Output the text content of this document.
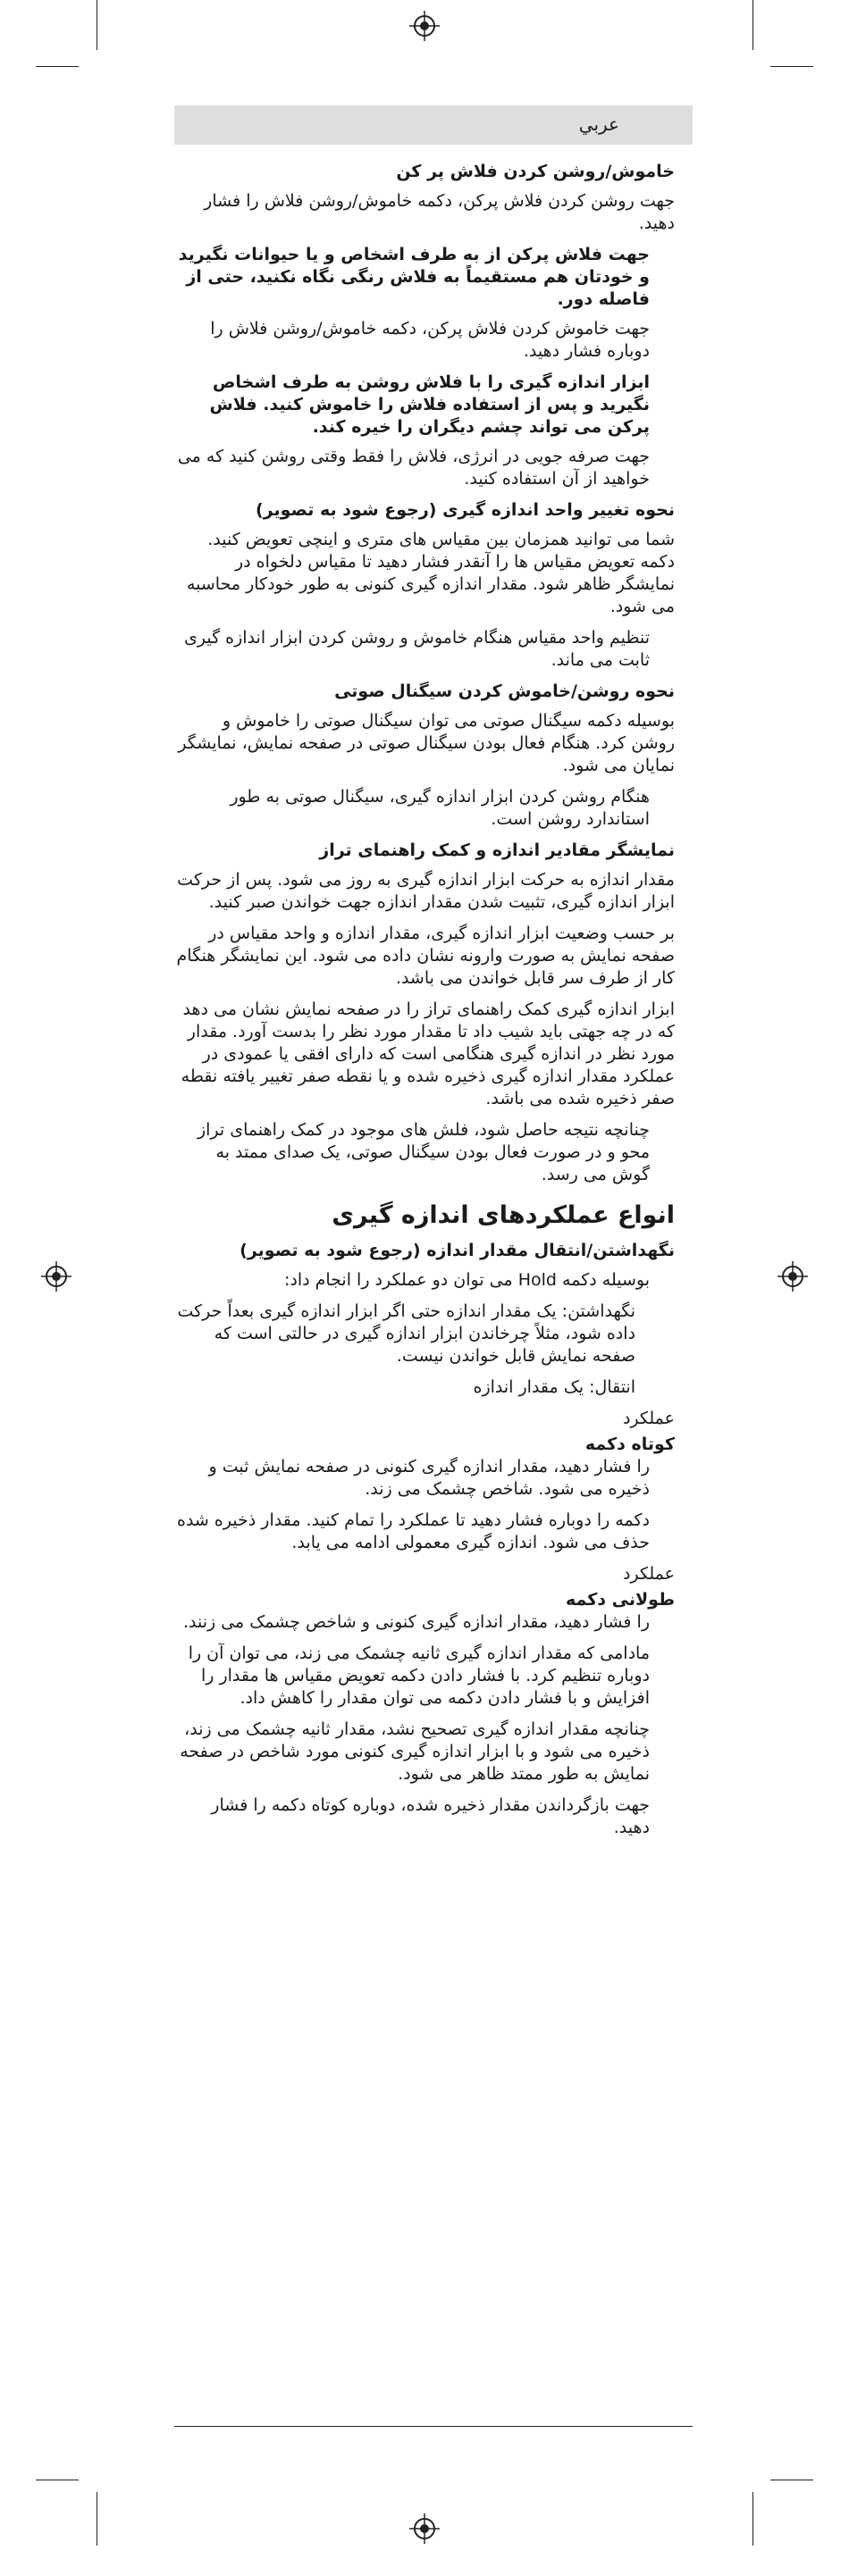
عربي
خاموش/روشن کردن فلاش پر کن

جهت روشن کردن فلاش پرکن، دکمه خاموش/روشن فلاش را فشار دهید.

جهت فلاش پرکن از به طرف اشخاص و یا حیوانات نگیرید و خودتان هم مستقیماً به فلاش رنگی نگاه نکنید، حتی از فاصله دور.

جهت خاموش کردن فلاش پرکن، دکمه خاموش/روشن فلاش را دوباره فشار دهید.

ابزار اندازه گیری را با فلاش روشن به طرف اشخاص نگیرید و پس از استفاده فلاش را خاموش کنید. فلاش پرکن می تواند چشم دیگران را خیره کند.

جهت صرفه جویی در انرژی، فلاش را فقط وقتی روشن کنید که می خواهید از آن استفاده کنید.

نحوه تغییر واحد اندازه گیری (رجوع شود به تصویر)

شما می توانید همزمان بین مقیاس های متری و اینچی تعویض کنید. دکمه تعویض مقیاس ها را آنقدر فشار دهید تا مقیاس دلخواه در نمایشگر ظاهر شود. مقدار اندازه گیری کنونی به طور خودکار محاسبه می شود.

تنظیم واحد مقیاس هنگام خاموش و روشن کردن ابزار اندازه گیری ثابت می ماند.

نحوه روشن/خاموش کردن سیگنال صوتی

بوسیله دکمه سیگنال صوتی می توان سیگنال صوتی را خاموش و روشن کرد. هنگام فعال بودن سیگنال صوتی در صفحه نمایش، نمایشگر نمایان می شود.

هنگام روشن کردن ابزار اندازه گیری، سیگنال صوتی به طور استاندارد روشن است.

نمایشگر مقادیر اندازه و کمک راهنمای تراز

مقدار اندازه به حرکت ابزار اندازه گیری به روز می شود. پس از حرکت ابزار اندازه گیری، تثبیت شدن مقدار اندازه جهت خواندن صبر کنید.

بر حسب وضعیت ابزار اندازه گیری، مقدار اندازه و واحد مقیاس در صفحه نمایش به صورت وارونه نشان داده می شود. این نمایشگر هنگام کار از طرف سر قابل خواندن می باشد.

ابزار اندازه گیری کمک راهنمای تراز را در صفحه نمایش نشان می دهد که در چه جهتی باید شیب داد تا مقدار مورد نظر را بدست آورد. مقدار مورد نظر در اندازه گیری هنگامی است که دارای افقی یا عمودی در عملکرد مقدار اندازه گیری ذخیره شده و یا نقطه صفر تغییر یافته نقطه صفر ذخیره شده می باشد.

چنانچه نتیجه حاصل شود، فلش های موجود در کمک راهنمای تراز محو و در صورت فعال بودن سیگنال صوتی، یک صدای ممتد به گوش می رسد.

انواع عملکردهای اندازه گیری
نگهداشتن/انتقال مقدار اندازه (رجوع شود به تصویر)

بوسیله دکمه Hold می توان دو عملکرد را انجام داد:

نگهداشتن: یک مقدار اندازه حتی اگر ابزار اندازه گیری بعداً حرکت داده شود، مثلاً چرخاندن ابزار اندازه گیری در حالتی است که صفحه نمایش قابل خواندن نیست.

انتقال: یک مقدار اندازه

عملکرد

کوتاه دکمه

را فشار دهید، مقدار اندازه گیری کنونی در صفحه نمایش ثبت و ذخیره می شود. شاخص چشمک می زند.

دکمه را دوباره فشار دهید تا عملکرد را تمام کنید. مقدار ذخیره شده حذف می شود. اندازه گیری معمولی ادامه می یابد.

عملکرد

طولانی دکمه

را فشار دهید، مقدار اندازه گیری کنونی و شاخص چشمک می زنند.

مادامی که مقدار اندازه گیری ثانیه چشمک می زند، می توان آن را دوباره تنظیم کرد. با فشار دادن دکمه تعویض مقیاس ها مقدار را افزایش و با فشار دادن دکمه می توان مقدار را کاهش داد.

چنانچه مقدار اندازه گیری تصحیح نشد، مقدار ثانیه چشمک می زند، ذخیره می شود و با ابزار اندازه گیری کنونی مورد شاخص در صفحه نمایش به طور ممتد ظاهر می شود.

جهت بازگرداندن مقدار ذخیره شده، دوباره کوتاه دکمه را فشار دهید.
